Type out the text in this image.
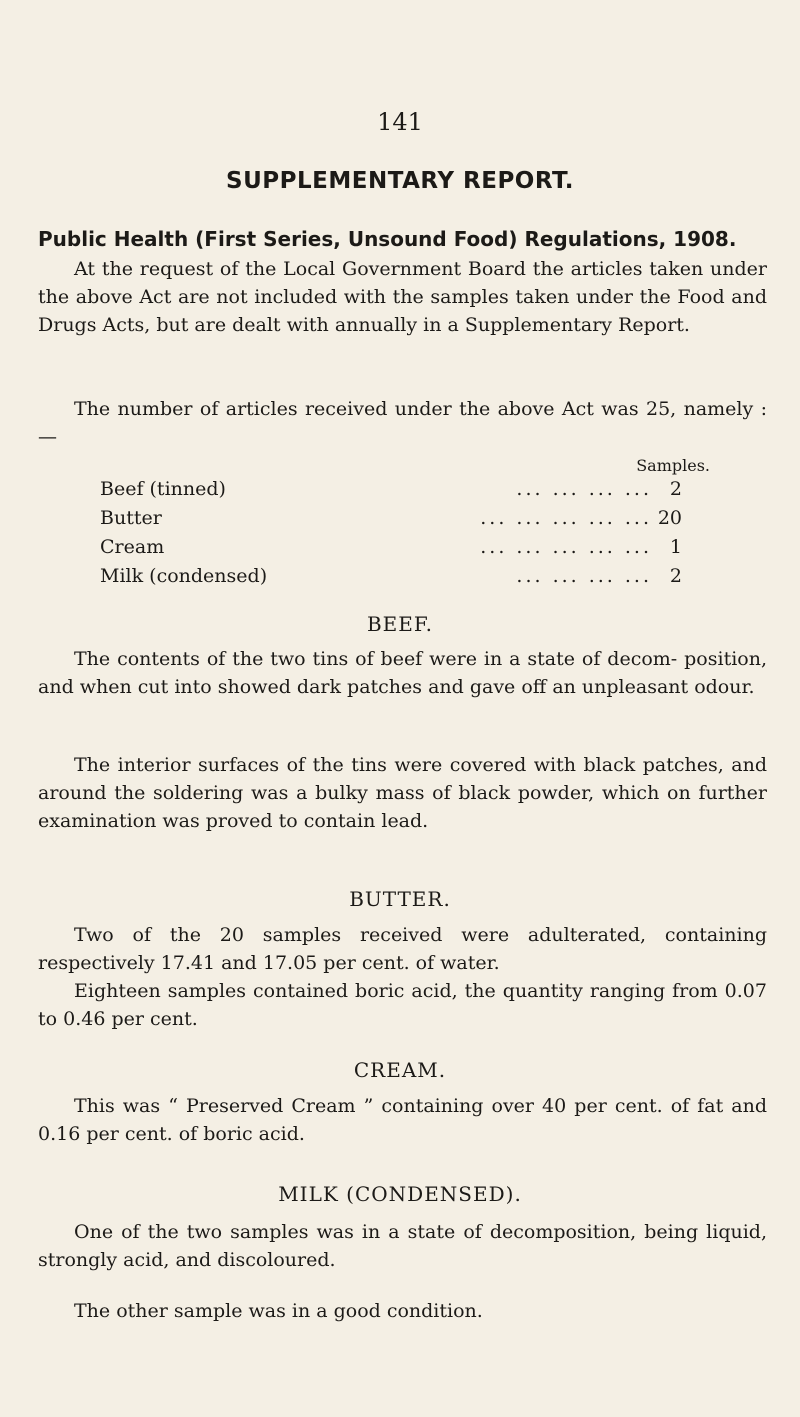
141
SUPPLEMENTARY REPORT.
Public Health (First Series, Unsound Food) Regulations, 1908.

At the request of the Local Government Board the articles taken under the above Act are not included with the samples taken under the Food and Drugs Acts, but are dealt with annually in a Supplementary Report.

The number of articles received under the above Act was 25, namely :—

Samples.
Beef (tinned)	... ... ... ... 2
Butter	... ... ... ... ... 20
Cream	... ... ... ... ... 1
Milk (condensed)	... ... ... ... 2
BEEF.

The contents of the two tins of beef were in a state of decom- position, and when cut into showed dark patches and gave off an unpleasant odour.

The interior surfaces of the tins were covered with black patches, and around the soldering was a bulky mass of black powder, which on further examination was proved to contain lead.

BUTTER.

Two of the 20 samples received were adulterated, containing respectively 17.41 and 17.05 per cent. of water.

Eighteen samples contained boric acid, the quantity ranging from 0.07 to 0.46 per cent.

CREAM.

This was “ Preserved Cream ” containing over 40 per cent. of fat and 0.16 per cent. of boric acid.

MILK (CONDENSED).

One of the two samples was in a state of decomposition, being liquid, strongly acid, and discoloured.

The other sample was in a good condition.
